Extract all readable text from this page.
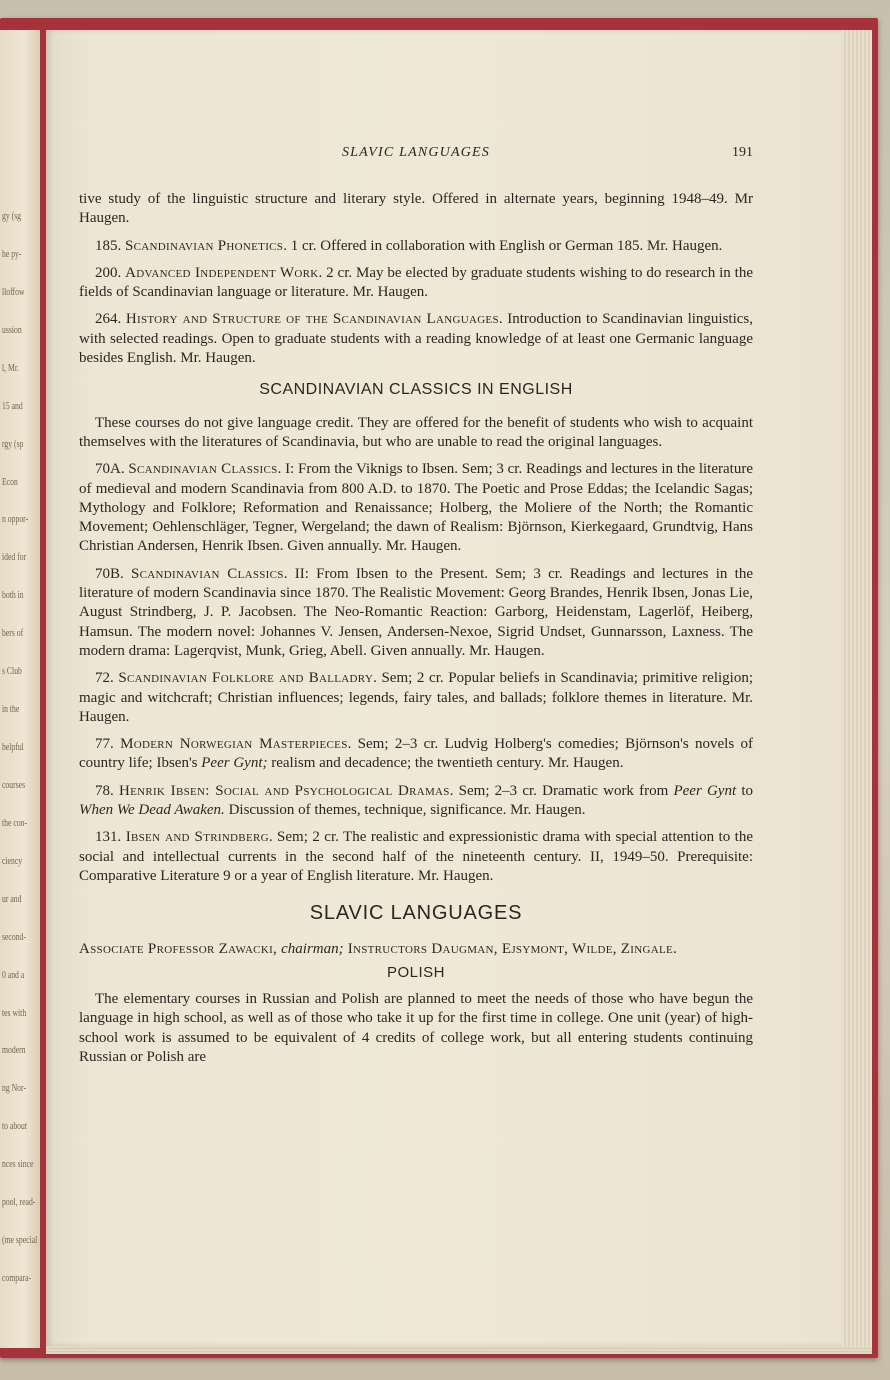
gy (sg
he py-
lloffow
ussion
l, Mr.
15 and
rgy (sp
Econ
n oppor-
ided for
both in
bers of
s Club
in the
helpful
courses
the con-
ciency
ur and
second-
0 and a
tes with
modern
ng Nor-
to about
nces since
pool, read-
(me special
compara-
SLAVIC LANGUAGES	191

tive study of the linguistic structure and literary style. Offered in alternate years, beginning 1948–49. Mr Haugen.

185. Scandinavian Phonetics. 1 cr. Offered in collaboration with English or German 185. Mr. Haugen.

200. Advanced Independent Work. 2 cr. May be elected by graduate students wishing to do research in the fields of Scandinavian language or literature. Mr. Haugen.

264. History and Structure of the Scandinavian Languages. Introduction to Scandinavian linguistics, with selected readings. Open to graduate students with a reading knowledge of at least one Germanic language besides English. Mr. Haugen.

SCANDINAVIAN CLASSICS IN ENGLISH

These courses do not give language credit. They are offered for the benefit of students who wish to acquaint themselves with the literatures of Scandinavia, but who are unable to read the original languages.

70A. Scandinavian Classics. I: From the Viknigs to Ibsen. Sem; 3 cr. Readings and lectures in the literature of medieval and modern Scandinavia from 800 A.D. to 1870. The Poetic and Prose Eddas; the Icelandic Sagas; Mythology and Folklore; Reformation and Renaissance; Holberg, the Moliere of the North; the Romantic Movement; Oehlenschläger, Tegner, Wergeland; the dawn of Realism: Björnson, Kierkegaard, Grundtvig, Hans Christian Andersen, Henrik Ibsen. Given annually. Mr. Haugen.

70B. Scandinavian Classics. II: From Ibsen to the Present. Sem; 3 cr. Readings and lectures in the literature of modern Scandinavia since 1870. The Realistic Movement: Georg Brandes, Henrik Ibsen, Jonas Lie, August Strindberg, J. P. Jacobsen. The Neo-Romantic Reaction: Garborg, Heidenstam, Lagerlöf, Heiberg, Hamsun. The modern novel: Johannes V. Jensen, Andersen-Nexoe, Sigrid Undset, Gunnarsson, Laxness. The modern drama: Lagerqvist, Munk, Grieg, Abell. Given annually. Mr. Haugen.

72. Scandinavian Folklore and Balladry. Sem; 2 cr. Popular beliefs in Scandinavia; primitive religion; magic and witchcraft; Christian influences; legends, fairy tales, and ballads; folklore themes in literature. Mr. Haugen.

77. Modern Norwegian Masterpieces. Sem; 2–3 cr. Ludvig Holberg's comedies; Björnson's novels of country life; Ibsen's Peer Gynt; realism and decadence; the twentieth century. Mr. Haugen.

78. Henrik Ibsen: Social and Psychological Dramas. Sem; 2–3 cr. Dramatic work from Peer Gynt to When We Dead Awaken. Discussion of themes, technique, significance. Mr. Haugen.

131. Ibsen and Strindberg. Sem; 2 cr. The realistic and expressionistic drama with special attention to the social and intellectual currents in the second half of the nineteenth century. II, 1949–50. Prerequisite: Comparative Literature 9 or a year of English literature. Mr. Haugen.

SLAVIC LANGUAGES

Associate Professor Zawacki, chairman; Instructors Daugman, Ejsymont, Wilde, Zingale.

POLISH

The elementary courses in Russian and Polish are planned to meet the needs of those who have begun the language in high school, as well as of those who take it up for the first time in college. One unit (year) of high-school work is assumed to be equivalent of 4 credits of college work, but all entering students continuing Russian or Polish are
